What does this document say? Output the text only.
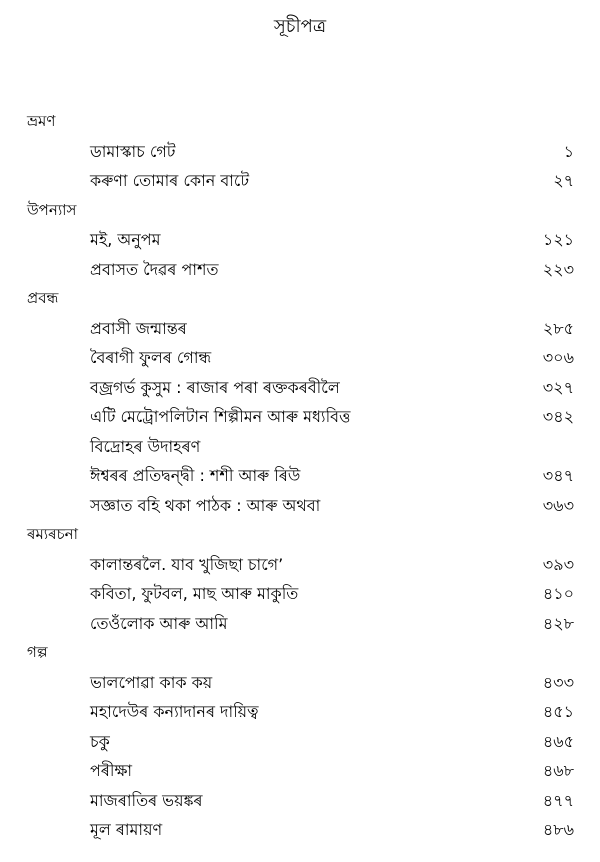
সূচীপত্ৰ
ভ্ৰমণ
ডামাস্কাচ গেট	১
কৰুণা তোমাৰ কোন বাটে	২৭
উপন্যাস
মই, অনুপম	১২১
প্ৰবাসত দৈৱৰ পাশত	২২৩
প্ৰবন্ধ
প্ৰবাসী জন্মান্তৰ	২৮৫
বৈৰাগী ফুলৰ গোন্ধ	৩০৬
বজ্ৰগৰ্ভ কুসুম : ৰাজাৰ পৰা ৰক্তকৰবীলৈ	৩২৭
এটি মেট্ৰোপলিটান শিল্পীমন আৰু মধ্যবিত্ত	৩৪২
বিদ্ৰোহৰ উদাহৰণ
ঈশ্বৰৰ প্ৰতিদ্বন্দ্বী : শশী আৰু ৰিউ	৩৪৭
সজ্ঞাত বহি থকা পাঠক : আৰু অথবা	৩৬৩
ৰম্যৰচনা
কালান্তৰলৈ. যাব খুজিছা চাগে’	৩৯৩
কবিতা, ফুটবল, মাছ আৰু মাকুতি	৪১০
তেওঁলোক আৰু আমি	৪২৮
গল্প
ভালপোৱা কাক কয়	৪৩৩
মহাদেউৰ কন্যাদানৰ দায়িত্ব	৪৫১
চকু	৪৬৫
পৰীক্ষা	৪৬৮
মাজৰাতিৰ ভয়ঙ্কৰ	৪৭৭
মূল ৰামায়ণ	৪৮৬
